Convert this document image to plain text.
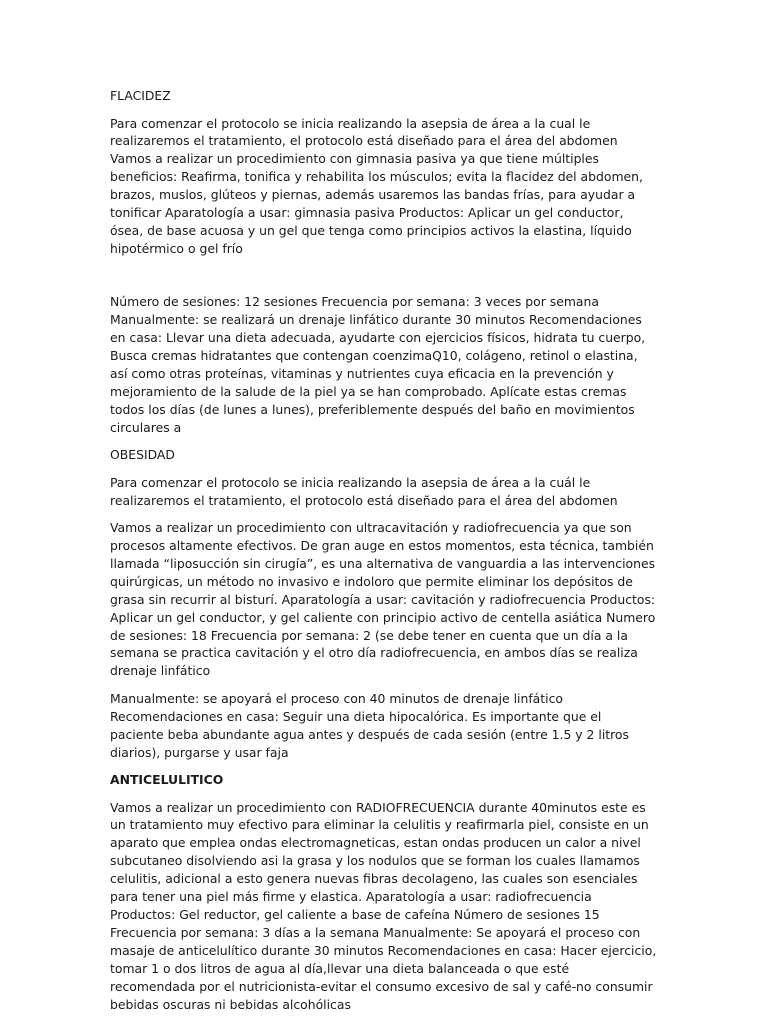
FLACIDEZ

Para comenzar el protocolo se inicia realizando la asepsia de área a la cual le realizaremos el tratamiento, el protocolo está diseñado para el área del abdomen Vamos a realizar un procedimiento con gimnasia pasiva ya que tiene múltiples beneficios: Reafirma, tonifica y rehabilita los músculos; evita la flacidez del abdomen, brazos, muslos, glúteos y piernas, además usaremos las bandas frías, para ayudar a tonificar Aparatología a usar: gimnasia pasiva Productos: Aplicar un gel conductor, ósea, de base acuosa y un gel que tenga como principios activos la elastina, líquido hipotérmico o gel frío

Número de sesiones: 12 sesiones Frecuencia por semana: 3 veces por semana Manualmente: se realizará un drenaje linfático durante 30 minutos Recomendaciones en casa: Llevar una dieta adecuada, ayudarte con ejercicios físicos, hidrata tu cuerpo, Busca cremas hidratantes que contengan coenzimaQ10, colágeno, retinol o elastina, así como otras proteínas, vitaminas y nutrientes cuya eficacia en la prevención y mejoramiento de la salude de la piel ya se han comprobado. Aplícate estas cremas todos los días (de lunes a lunes), preferiblemente después del baño en movimientos circulares a

OBESIDAD

Para comenzar el protocolo se inicia realizando la asepsia de área a la cuál le realizaremos el tratamiento, el protocolo está diseñado para el área del abdomen

Vamos a realizar un procedimiento con ultracavitación y radiofrecuencia ya que son procesos altamente efectivos. De gran auge en estos momentos, esta técnica, también llamada “liposucción sin cirugía”, es una alternativa de vanguardia a las intervenciones quirúrgicas, un método no invasivo e indoloro que permite eliminar los depósitos de grasa sin recurrir al bisturí. Aparatología a usar: cavitación y radiofrecuencia Productos: Aplicar un gel conductor, y gel caliente con principio activo de centella asiática Numero de sesiones: 18 Frecuencia por semana: 2 (se debe tener en cuenta que un día a la semana se practica cavitación y el otro día radiofrecuencia, en ambos días se realiza drenaje linfático

Manualmente: se apoyará el proceso con 40 minutos de drenaje linfático Recomendaciones en casa: Seguir una dieta hipocalórica. Es importante que el paciente beba abundante agua antes y después de cada sesión (entre 1.5 y 2 litros diarios), purgarse y usar faja

ANTICELULITICO

Vamos a realizar un procedimiento con RADIOFRECUENCIA durante 40minutos este es un tratamiento muy efectivo para eliminar la celulitis y reafirmarla piel, consiste en un aparato que emplea ondas electromagneticas, estan ondas producen un calor a nivel subcutaneo disolviendo asi la grasa y los nodulos que se forman los cuales llamamos celulitis, adicional a esto genera nuevas fibras decolageno, las cuales son esenciales para tener una piel más firme y elastica. Aparatología a usar: radiofrecuencia Productos: Gel reductor, gel caliente a base de cafeína Número de sesiones 15 Frecuencia por semana: 3 días a la semana Manualmente: Se apoyará el proceso con masaje de anticelulítico durante 30 minutos Recomendaciones en casa: Hacer ejercicio, tomar 1 o dos litros de agua al día,llevar una dieta balanceada o que esté recomendada por el nutricionista-evitar el consumo excesivo de sal y café-no consumir bebidas oscuras ni bebidas alcohólicas
